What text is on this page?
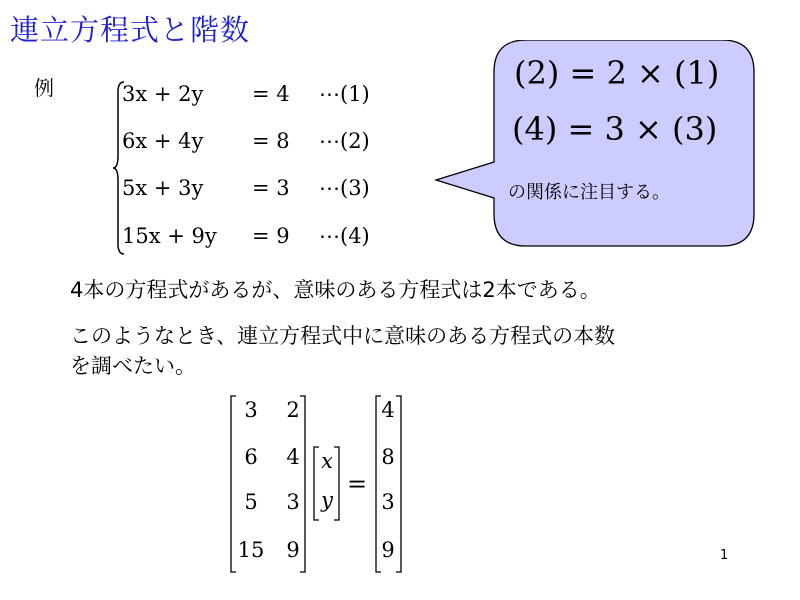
連立方程式と階数
例	3x + 2y	= 4 ⋯(1)
6x + 4y	= 8 ⋯(2)
5x + 3y	= 3 ⋯(3)
15x + 9y	= 9 ⋯(4)
(2) = 2 × (1)
(4) = 3 × (3)
の関係に注目する。
4本の方程式があるが、意味のある方程式は2本である。
このようなとき、連立方程式中に意味のある方程式の本数
を調べたい。
3	2
6	4
5	3
15	9
x
y
=
4
8
3
9	1
